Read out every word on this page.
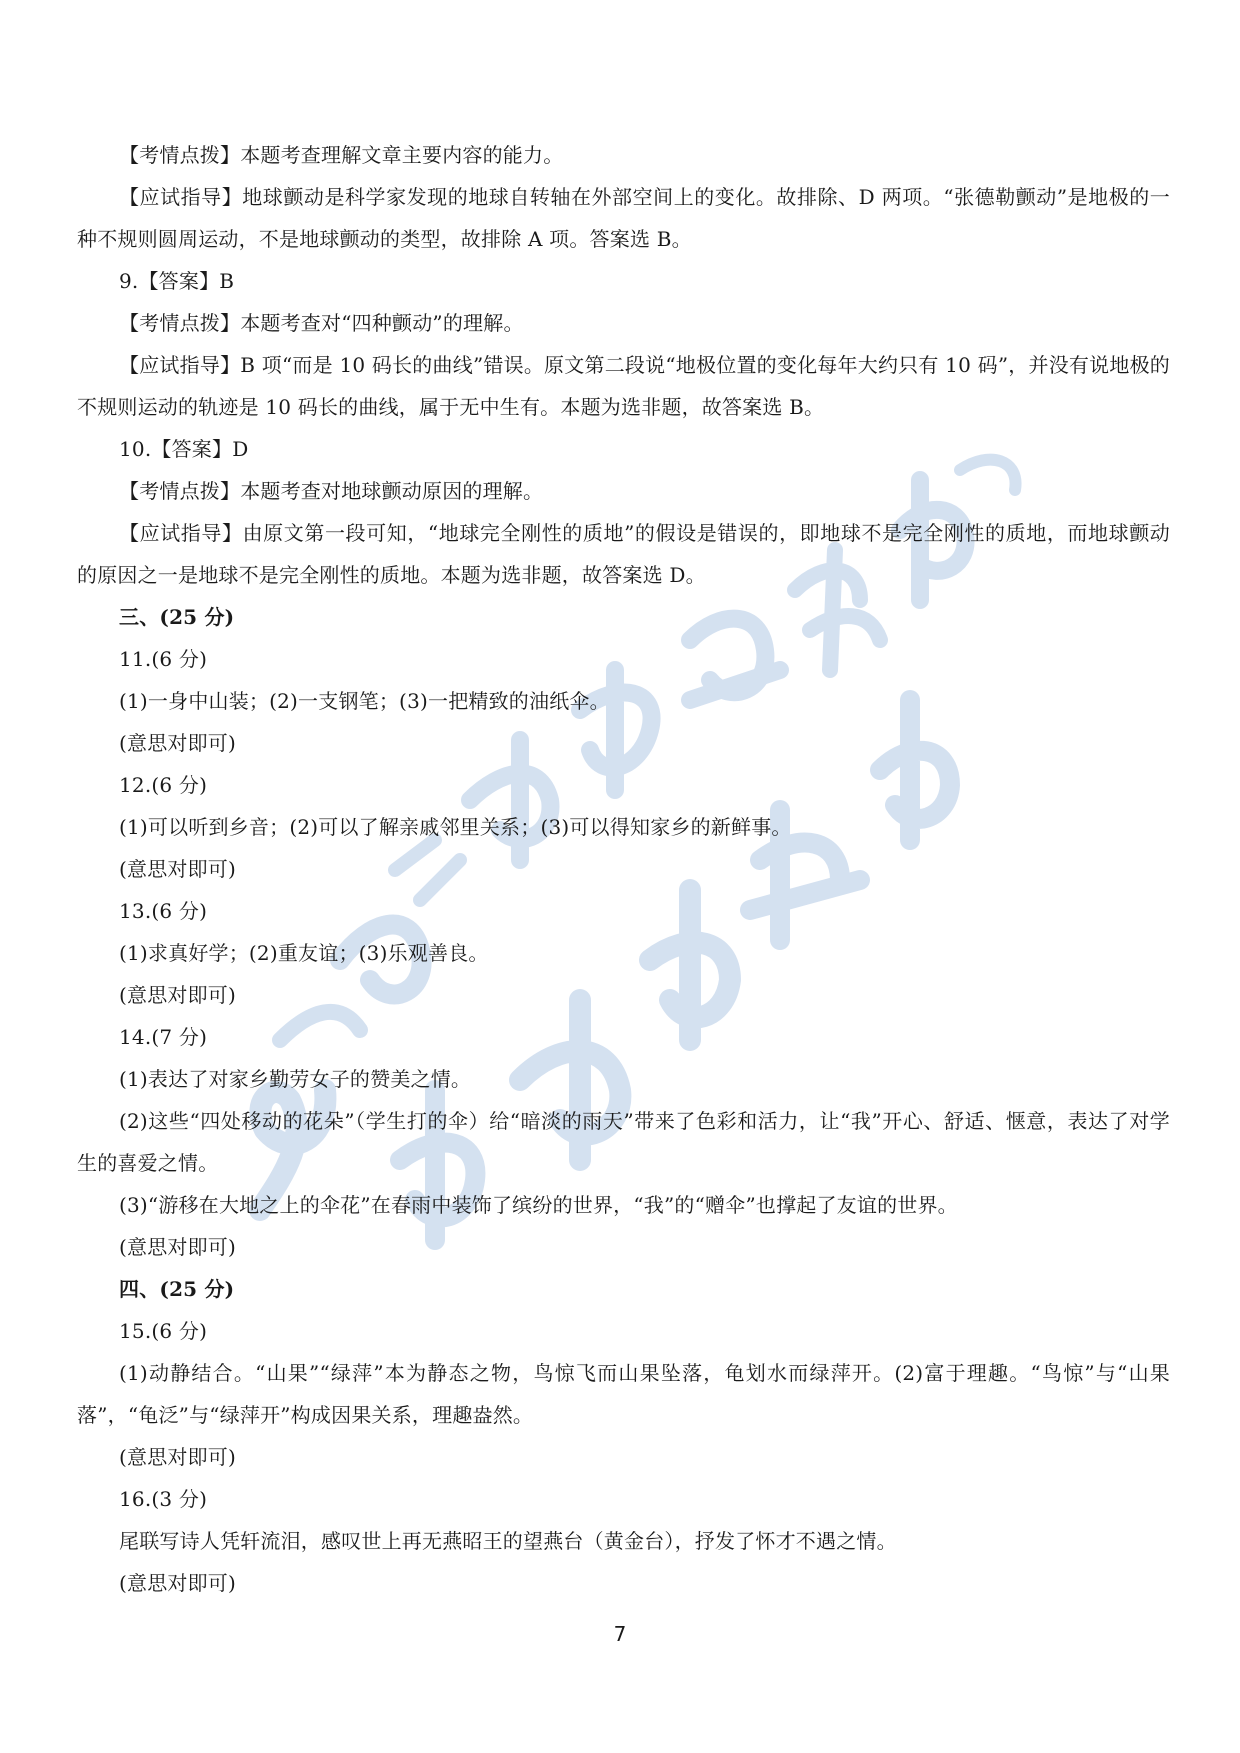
【考情点拨】本题考查理解文章主要内容的能力。
【应试指导】地球颤动是科学家发现的地球自转轴在外部空间上的变化。故排除、D 两项。“张德勒颤动”是地极的一种不规则圆周运动，不是地球颤动的类型，故排除 A 项。答案选 B。
9.【答案】B
【考情点拨】本题考查对“四种颤动”的理解。
【应试指导】B 项“而是 10 码长的曲线”错误。原文第二段说“地极位置的变化每年大约只有 10 码”，并没有说地极的不规则运动的轨迹是 10 码长的曲线，属于无中生有。本题为选非题，故答案选 B。
10.【答案】D
【考情点拨】本题考查对地球颤动原因的理解。
【应试指导】由原文第一段可知，“地球完全刚性的质地”的假设是错误的，即地球不是完全刚性的质地，而地球颤动的原因之一是地球不是完全刚性的质地。本题为选非题，故答案选 D。
三、(25 分)
11.(6 分)
(1)一身中山装；(2)一支钢笔；(3)一把精致的油纸伞。
(意思对即可)
12.(6 分)
(1)可以听到乡音；(2)可以了解亲戚邻里关系；(3)可以得知家乡的新鲜事。
(意思对即可)
13.(6 分)
(1)求真好学；(2)重友谊；(3)乐观善良。
(意思对即可)
14.(7 分)
(1)表达了对家乡勤劳女子的赞美之情。
(2)这些“四处移动的花朵”（学生打的伞）给“暗淡的雨天”带来了色彩和活力，让“我”开心、舒适、惬意，表达了对学生的喜爱之情。
(3)“游移在大地之上的伞花”在春雨中装饰了缤纷的世界，“我”的“赠伞”也撑起了友谊的世界。
(意思对即可)
四、(25 分)
15.(6 分)
(1)动静结合。“山果”“绿萍”本为静态之物，鸟惊飞而山果坠落，龟划水而绿萍开。(2)富于理趣。“鸟惊”与“山果落”，“龟泛”与“绿萍开”构成因果关系，理趣盎然。
(意思对即可)
16.(3 分)
尾联写诗人凭轩流泪，感叹世上再无燕昭王的望燕台（黄金台），抒发了怀才不遇之情。
(意思对即可)
7
